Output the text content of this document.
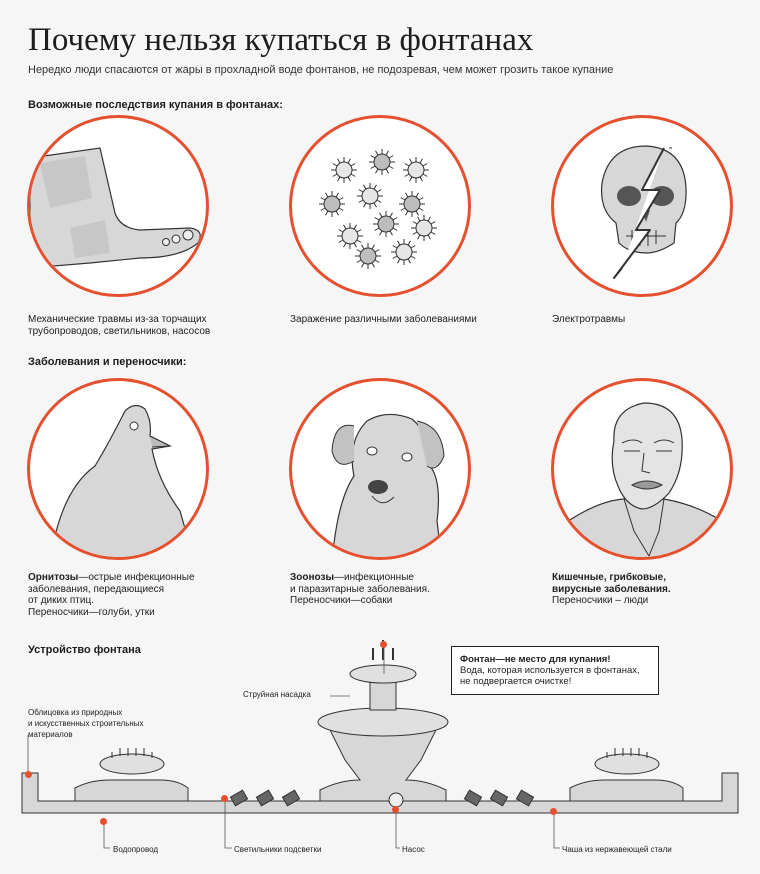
Почему нельзя купаться в фонтанах
Нередко люди спасаются от жары в прохладной воде фонтанов, не подозревая, чем может грозить такое купание
Возможные последствия купания в фонтанах:
Механические травмы из-за торчащих
трубопроводов, светильников, насосов
Заражение различными заболеваниями	Электротравмы
Заболевания и переносчики:
Орнитозы—острые инфекционные
заболевания, передающиеся
от диких птиц.
Переносчики—голуби, утки
Зоонозы—инфекционные
и паразитарные заболевания.
Переносчики—собаки
Кишечные, грибковые,
вирусные заболевания.
Переносчики – люди
Устройство фонтана
Облицовка из природных
и искусственных строительных
материалов
Струйная насадка
Водопровод	Светильники подсветки	Насос	Чаша из нержавеющей стали
Фонтан—не место для купания!
Вода, которая используется в фонтанах,
не подвергается очистке!
